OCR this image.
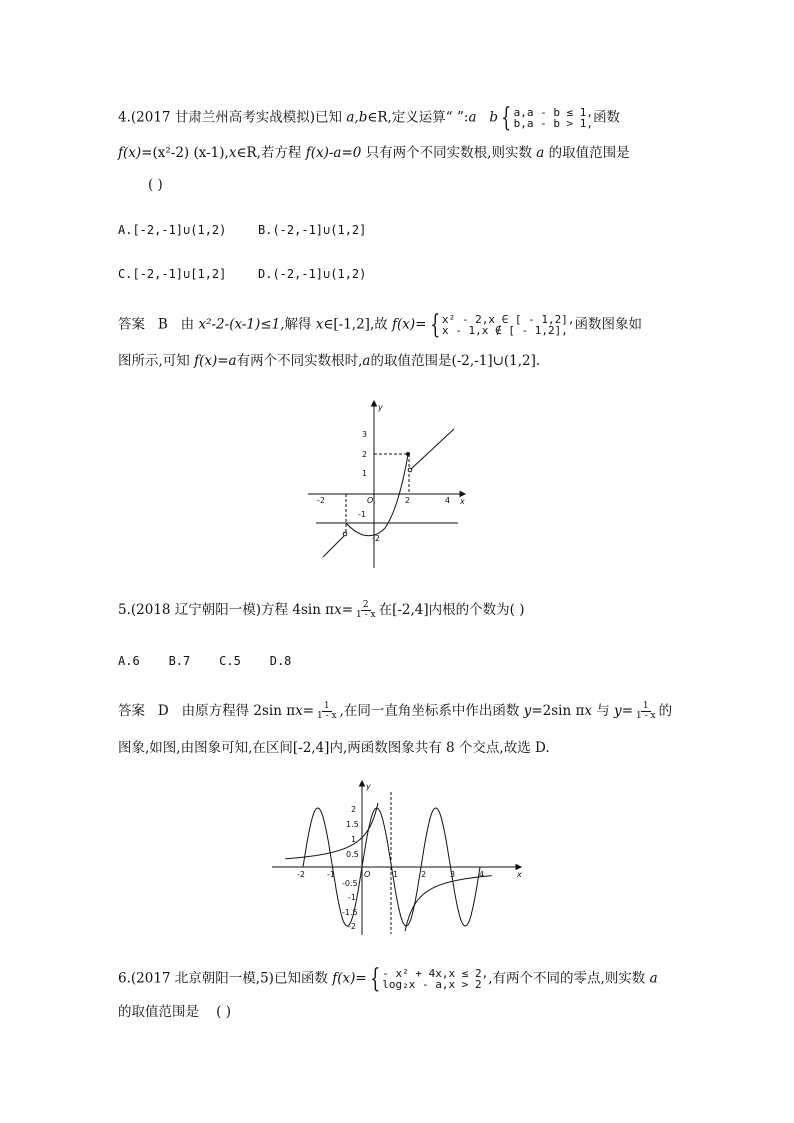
4.(2017 甘肃兰州高考实战模拟)已知 a,b∈R,定义运算“ ”:a b { a,a - b ≤ 1,
b,a - b > 1, 函数
f(x)=(x²-2) (x-1),x∈R,若方程 f(x)-a=0 只有两个不同实数根,则实数 a 的取值范围是
( )
A.[-2,-1]∪(1,2)	B.(-2,-1]∪(1,2]
C.[-2,-1]∪[1,2]	D.(-2,-1]∪(1,2)
答案 B 由 x²-2-(x-1)≤1,解得 x∈[-1,2],故 f(x)= { x² - 2,x ∈ [ - 1,2],
x - 1,x ∉ [ - 1,2], 函数图象如
图所示,可知 f(x)=a有两个不同实数根时,a的取值范围是(-2,-1]∪(1,2].
y
x
O
-2	2	4
3
2
1
-1
-2
5.(2018 辽宁朝阳一模)方程 4sin $\pi x= \frac{2}{1 - x}$ 在[-2,4]内根的个数为( )
A.6    B.7    C.5    D.8
答案 D 由原方程得 2sin $\pi x= \frac{1}{1 - x}$ ,在同一直角坐标系中作出函数 y=2sin πx 与 $y= \frac{1}{1 - x}$ 的
图象,如图,由图象可知,在区间[-2,4]内,两函数图象共有 8 个交点,故选 D.
y
x
O
-2	-1	1	2	3	4
2
1.5
1
0.5
-0.5
-1
-1.5
-2
6.(2017 北京朝阳一模,5)已知函数 f(x)= { - x² + 4x,x ≤ 2,
log₂x - a,x > 2 ,有两个不同的零点,则实数 a
的取值范围是 ( )
